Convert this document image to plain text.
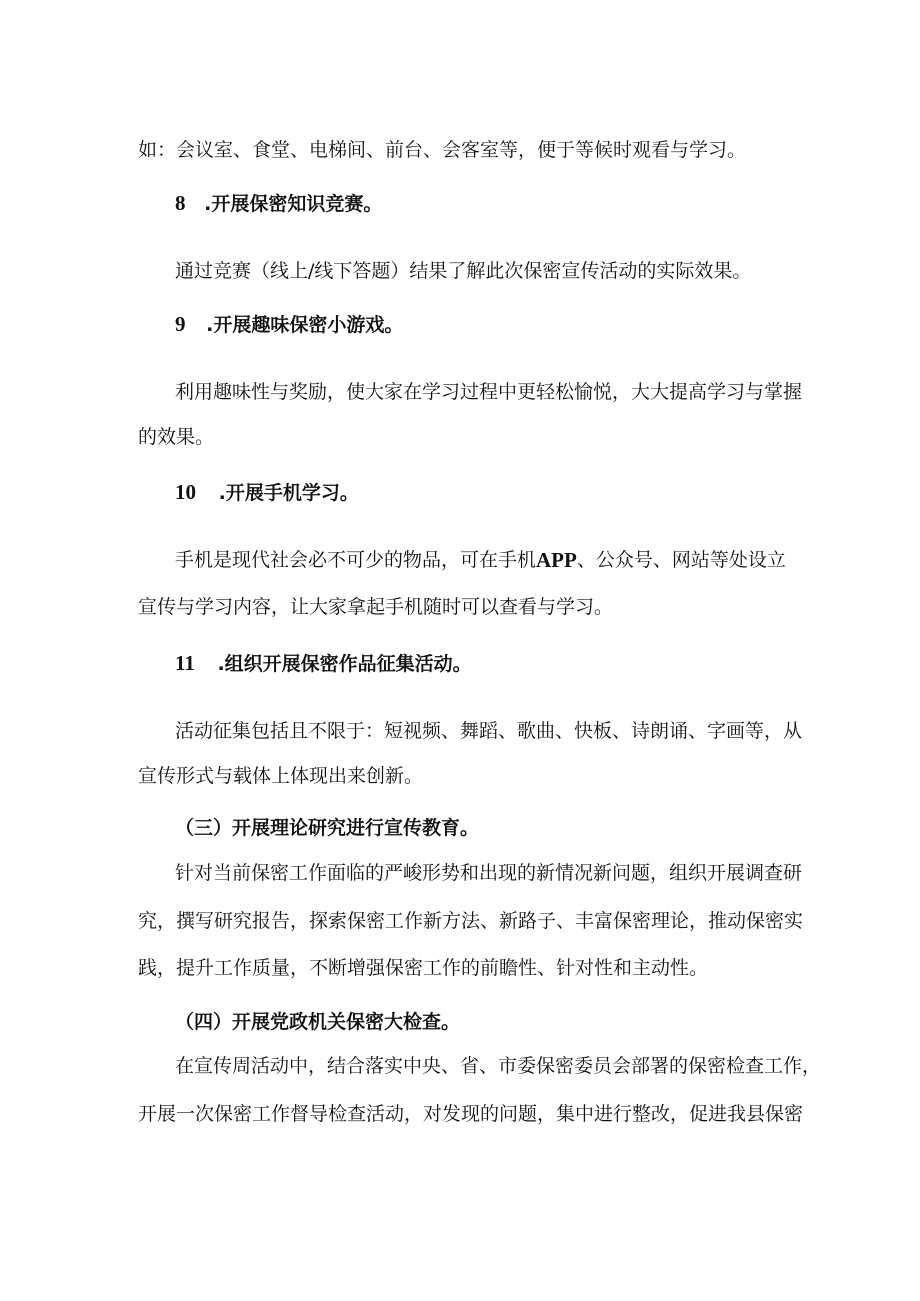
如：会议室、食堂、电梯间、前台、会客室等，便于等候时观看与学习。
8 .开展保密知识竞赛。
通过竞赛（线上/线下答题）结果了解此次保密宣传活动的实际效果。
9 .开展趣味保密小游戏。
利用趣味性与奖励，使大家在学习过程中更轻松愉悦，大大提高学习与掌握
的效果。
10 .开展手机学习。
手机是现代社会必不可少的物品，可在手机 APP 、公众号、网站等处设立
宣传与学习内容，让大家拿起手机随时可以查看与学习。
11 .组织开展保密作品征集活动。
活动征集包括且不限于：短视频、舞蹈、歌曲、快板、诗朗诵、字画等，从
宣传形式与载体上体现出来创新。
（三）开展理论研究进行宣传教育。
针对当前保密工作面临的严峻形势和出现的新情况新问题，组织开展调查研
究，撰写研究报告，探索保密工作新方法、新路子、丰富保密理论，推动保密实
践，提升工作质量，不断增强保密工作的前瞻性、针对性和主动性。
（四）开展党政机关保密大检查。
在宣传周活动中，结合落实中央、省、市委保密委员会部署的保密检查工作，
开展一次保密工作督导检查活动，对发现的问题，集中进行整改，促进我县保密
